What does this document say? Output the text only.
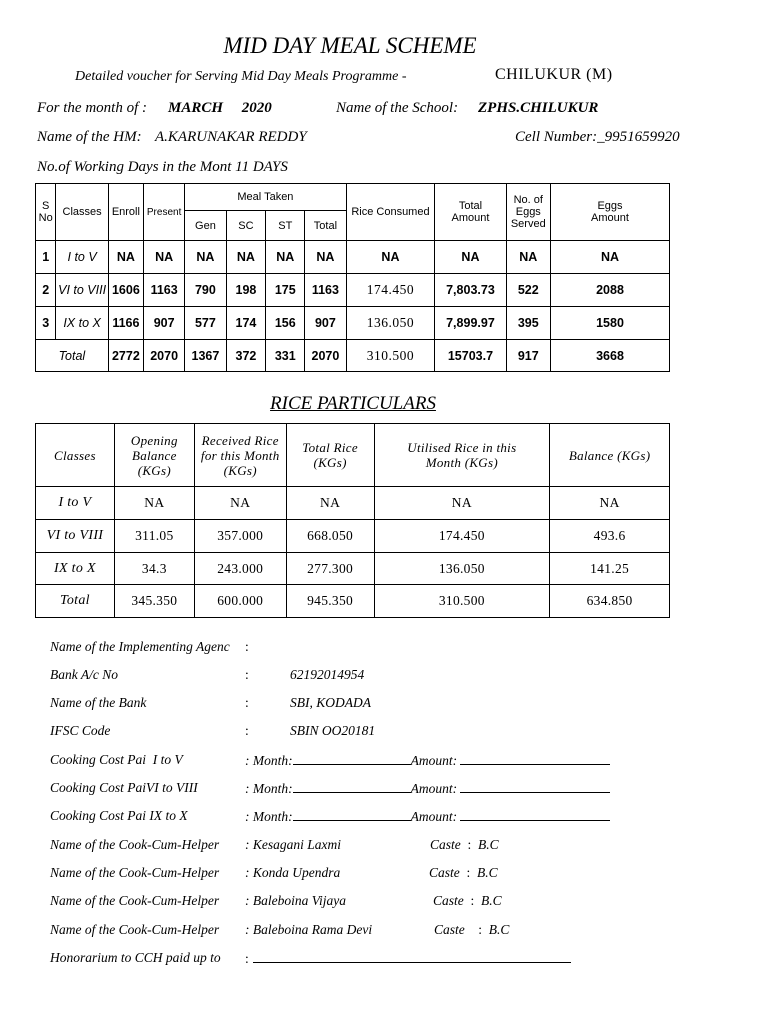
MID DAY MEAL SCHEME
Detailed voucher for Serving Mid Day Meals Programme -	CHILUKUR (M)
For the month of : MARCH     2020	Name of the School: ZPHS.CHILUKUR
Name of the HM: A.KARUNAKAR REDDY	Cell Number:_9951659920
No.of Working Days in the Mont 11 DAYS
S No	Classes	Enroll	Present	Meal Taken				Rice Consumed	Total Amount	No. of Eggs Served	Eggs Amount
				Gen	SC	ST	Total				
1	I to V	NA	NA	NA	NA	NA	NA	NA	NA	NA	NA
2	VI to VIII	1606	1163	790	198	175	1163	174.450	7,803.73	522	2088
3	IX to X	1166	907	577	174	156	907	136.050	7,899.97	395	1580
Total		2772	2070	1367	372	331	2070	310.500	15703.7	917	3668
RICE PARTICULARS
Classes	Opening Balance (KGs)	Received Rice for this Month (KGs)	Total Rice (KGs)	Utilised Rice in this Month (KGs)	Balance (KGs)
I to V	NA	NA	NA	NA	NA
VI to VIII	311.05	357.000	668.050	174.450	493.6
IX to X	34.3	243.000	277.300	136.050	141.25
Total	345.350	600.000	945.350	310.500	634.850
Name of the Implementing Agenc :
Bank A/c No	:	62192014954
Name of the Bank	:	SBI, KODADA
IFSC Code	:	SBIN OO20181
Cooking Cost Pai  I to V	: Month:	Amount:
Cooking Cost PaiVI to VIII	: Month:	Amount:
Cooking Cost Pai IX to X	: Month:	Amount:
Name of the Cook-Cum-Helper : Kesagani Laxmi	Caste  :  B.C
Name of the Cook-Cum-Helper : Konda Upendra	Caste  :  B.C
Name of the Cook-Cum-Helper : Baleboina Vijaya	Caste  :  B.C
Name of the Cook-Cum-Helper : Baleboina Rama Devi	Caste    :  B.C
Honorarium to CCH paid up to :
